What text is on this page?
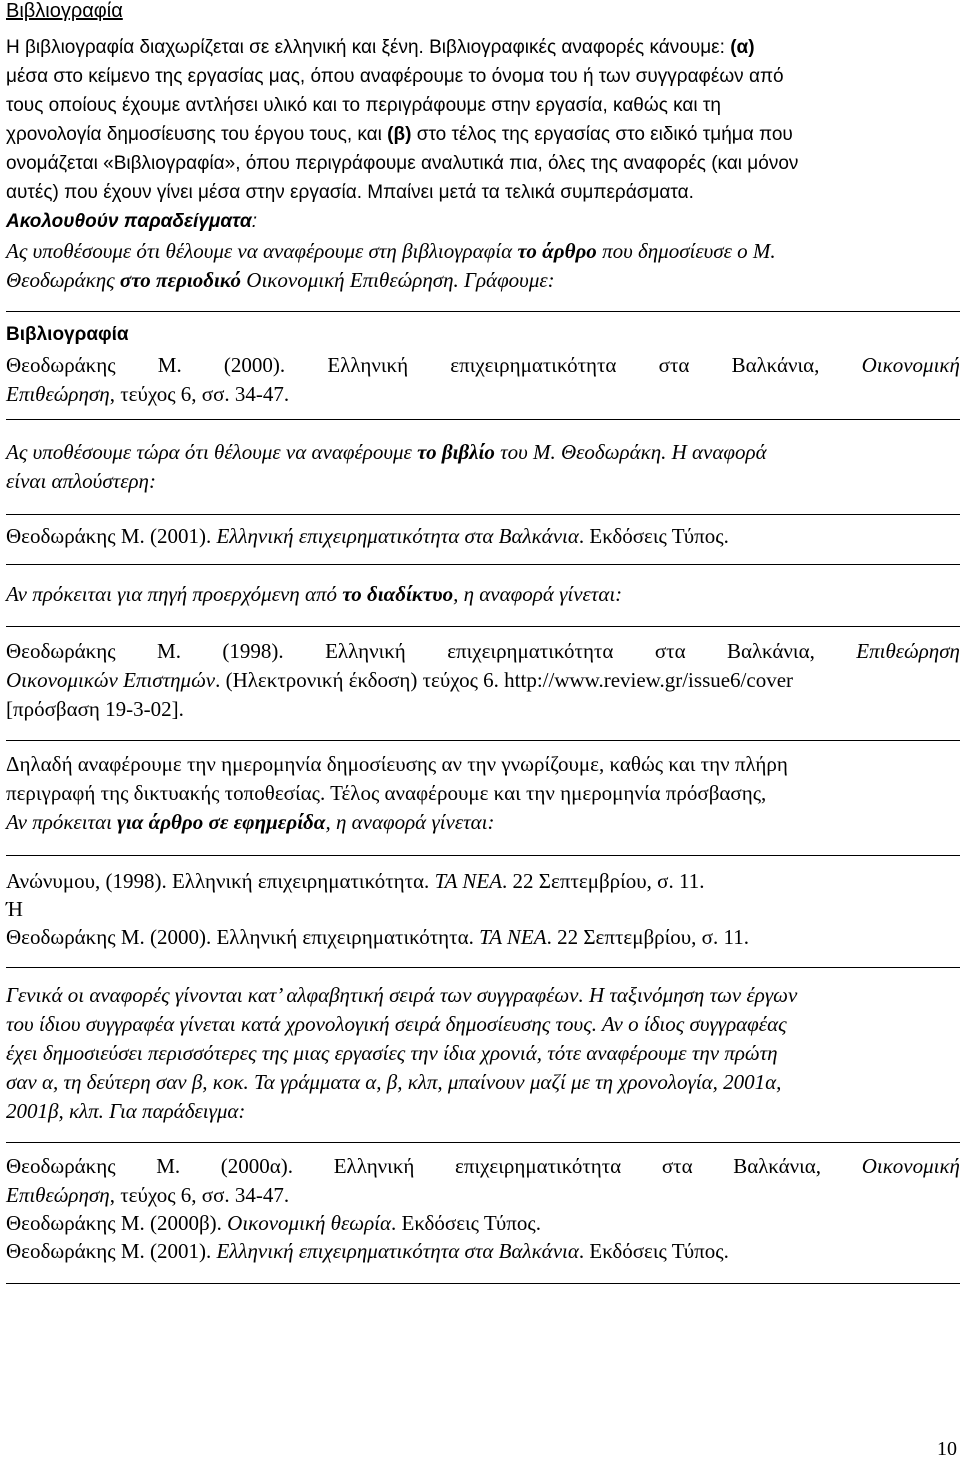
Βιβλιογραφία
Η βιβλιογραφία διαχωρίζεται σε ελληνική και ξένη. Βιβλιογραφικές αναφορές κάνουμε: (α)
μέσα στο κείμενο της εργασίας μας, όπου αναφέρουμε το όνομα του ή των συγγραφέων από
τους οποίους έχουμε αντλήσει υλικό και το περιγράφουμε στην εργασία, καθώς και τη
χρονολογία δημοσίευσης του έργου τους, και (β) στο τέλος της εργασίας στο ειδικό τμήμα που
ονομάζεται «Βιβλιογραφία», όπου περιγράφουμε αναλυτικά πια, όλες της αναφορές (και μόνον
αυτές) που έχουν γίνει μέσα στην εργασία. Μπαίνει μετά τα τελικά συμπεράσματα.
Ακολουθούν παραδείγματα:
Ας υποθέσουμε ότι θέλουμε να αναφέρουμε στη βιβλιογραφία το άρθρο που δημοσίευσε ο Μ.
Θεοδωράκης στο περιοδικό Οικονομική Επιθεώρηση. Γράφουμε:
Βιβλιογραφία
Θεοδωράκης Μ. (2000). Ελληνική επιχειρηματικότητα στα Βαλκάνια, Οικονομική
Επιθεώρηση, τεύχος 6, σσ. 34-47.
Ας υποθέσουμε τώρα ότι θέλουμε να αναφέρουμε το βιβλίο του Μ. Θεοδωράκη. Η αναφορά
είναι απλούστερη:
Θεοδωράκης Μ. (2001). Ελληνική επιχειρηματικότητα στα Βαλκάνια. Εκδόσεις Τύπος.
Αν πρόκειται για πηγή προερχόμενη από το διαδίκτυο, η αναφορά γίνεται:
Θεοδωράκης Μ. (1998). Ελληνική επιχειρηματικότητα στα Βαλκάνια, Επιθεώρηση
Οικονομικών Επιστημών. (Ηλεκτρονική έκδοση) τεύχος 6. http://www.review.gr/issue6/cover
[πρόσβαση 19-3-02].
Δηλαδή αναφέρουμε την ημερομηνία δημοσίευσης αν την γνωρίζουμε, καθώς και την πλήρη
περιγραφή της δικτυακής τοποθεσίας. Τέλος αναφέρουμε και την ημερομηνία πρόσβασης,
Αν πρόκειται για άρθρο σε εφημερίδα, η αναφορά γίνεται:
Ανώνυμου, (1998). Ελληνική επιχειρηματικότητα. ΤΑ ΝΕΑ. 22 Σεπτεμβρίου, σ. 11.
Ή
Θεοδωράκης Μ. (2000). Ελληνική επιχειρηματικότητα. ΤΑ ΝΕΑ. 22 Σεπτεμβρίου, σ. 11.
Γενικά οι αναφορές γίνονται κατ’ αλφαβητική σειρά των συγγραφέων. Η ταξινόμηση των έργων
του ίδιου συγγραφέα γίνεται κατά χρονολογική σειρά δημοσίευσης τους. Αν ο ίδιος συγγραφέας
έχει δημοσιεύσει περισσότερες της μιας εργασίες την ίδια χρονιά, τότε αναφέρουμε την πρώτη
σαν α, τη δεύτερη σαν β, κοκ. Τα γράμματα α, β, κλπ, μπαίνουν μαζί με τη χρονολογία, 2001α,
2001β, κλπ. Για παράδειγμα:
Θεοδωράκης Μ. (2000α). Ελληνική επιχειρηματικότητα στα Βαλκάνια, Οικονομική
Επιθεώρηση, τεύχος 6, σσ. 34-47.
Θεοδωράκης Μ. (2000β). Οικονομική θεωρία. Εκδόσεις Τύπος.
Θεοδωράκης Μ. (2001). Ελληνική επιχειρηματικότητα στα Βαλκάνια. Εκδόσεις Τύπος.
10
